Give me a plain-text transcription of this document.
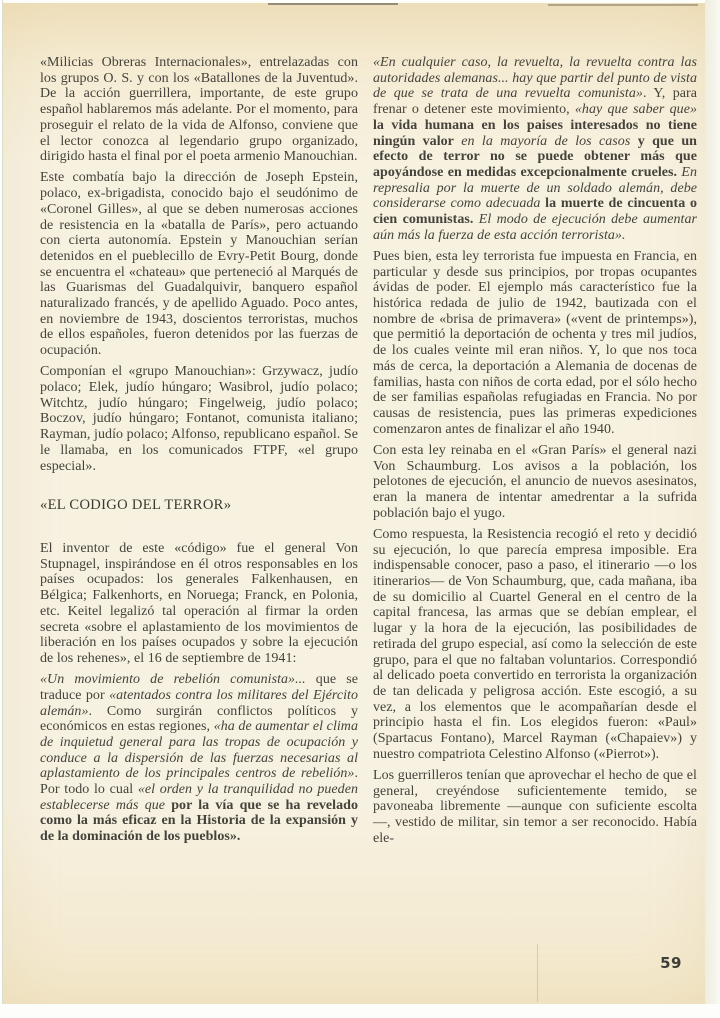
«Milicias Obreras Internacionales», entrelazadas con los grupos O. S. y con los «Batallones de la Juventud». De la acción guerrillera, importante, de este grupo español hablaremos más adelante. Por el momento, para proseguir el relato de la vida de Alfonso, conviene que el lector conozca al legendario grupo organizado, dirigido hasta el final por el poeta armenio Manouchian.

Este combatía bajo la dirección de Joseph Epstein, polaco, ex-brigadista, conocido bajo el seudónimo de «Coronel Gilles», al que se deben numerosas acciones de resistencia en la «batalla de París», pero actuando con cierta autonomía. Epstein y Manouchian serían detenidos en el pueblecillo de Evry-Petit Bourg, donde se encuentra el «chateau» que perteneció al Marqués de las Guarismas del Guadalquivir, banquero español naturalizado francés, y de apellido Aguado. Poco antes, en noviembre de 1943, doscientos terroristas, muchos de ellos españoles, fueron detenidos por las fuerzas de ocupación.

Componían el «grupo Manouchian»: Grzywacz, judío polaco; Elek, judío húngaro; Wasibrol, judío polaco; Witchtz, judío húngaro; Fingelweig, judío polaco; Boczov, judío húngaro; Fontanot, comunista italiano; Rayman, judío polaco; Alfonso, republicano español. Se le llamaba, en los comunicados FTPF, «el grupo especial».

«EL CODIGO DEL TERROR»

El inventor de este «código» fue el general Von Stupnagel, inspirándose en él otros responsables en los países ocupados: los generales Falkenhausen, en Bélgica; Falkenhorts, en Noruega; Franck, en Polonia, etc. Keitel legalizó tal operación al firmar la orden secreta «sobre el aplastamiento de los movimientos de liberación en los países ocupados y sobre la ejecución de los rehenes», el 16 de septiembre de 1941:

«Un movimiento de rebelión comunista»... que se traduce por «atentados contra los militares del Ejército alemán». Como surgirán conflictos políticos y económicos en estas regiones, «ha de aumentar el clima de inquietud general para las tropas de ocupación y conduce a la dispersión de las fuerzas necesarias al aplastamiento de los principales centros de rebelión». Por todo lo cual «el orden y la tranquilidad no pueden establecerse más que por la vía que se ha revelado como la más eficaz en la Historia de la expansión y de la dominación de los pueblos».

«En cualquier caso, la revuelta, la revuelta contra las autoridades alemanas... hay que partir del punto de vista de que se trata de una revuelta comunista». Y, para frenar o detener este movimiento, «hay que saber que» la vida humana en los paises interesados no tiene ningún valor en la mayoría de los casos y que un efecto de terror no se puede obtener más que apoyándose en medidas excepcionalmente crueles. En represalia por la muerte de un soldado alemán, debe considerarse como adecuada la muerte de cincuenta o cien comunistas. El modo de ejecución debe aumentar aún más la fuerza de esta acción terrorista».

Pues bien, esta ley terrorista fue impuesta en Francia, en particular y desde sus principios, por tropas ocupantes ávidas de poder. El ejemplo más característico fue la histórica redada de julio de 1942, bautizada con el nombre de «brisa de primavera» («vent de printemps»), que permitió la deportación de ochenta y tres mil judíos, de los cuales veinte mil eran niños. Y, lo que nos toca más de cerca, la deportación a Alemania de docenas de familias, hasta con niños de corta edad, por el sólo hecho de ser familias españolas refugiadas en Francia. No por causas de resistencia, pues las primeras expediciones comenzaron antes de finalizar el año 1940.

Con esta ley reinaba en el «Gran París» el general nazi Von Schaumburg. Los avisos a la población, los pelotones de ejecución, el anuncio de nuevos asesinatos, eran la manera de intentar amedrentar a la sufrida población bajo el yugo.

Como respuesta, la Resistencia recogió el reto y decidió su ejecución, lo que parecía empresa imposible. Era indispensable conocer, paso a paso, el itinerario —o los itinerarios— de Von Schaumburg, que, cada mañana, iba de su domicilio al Cuartel General en el centro de la capital francesa, las armas que se debían emplear, el lugar y la hora de la ejecución, las posibilidades de retirada del grupo especial, así como la selección de este grupo, para el que no faltaban voluntarios. Correspondió al delicado poeta convertido en terrorista la organización de tan delicada y peligrosa acción. Este escogió, a su vez, a los elementos que le acompañarían desde el principio hasta el fin. Los elegidos fueron: «Paul» (Spartacus Fontano), Marcel Rayman («Chapaiev») y nuestro compatriota Celestino Alfonso («Pierrot»).

Los guerrilleros tenían que aprovechar el hecho de que el general, creyéndose suficientemente temido, se pavoneaba libremente —aunque con suficiente escolta—, vestido de militar, sin temor a ser reconocido. Había ele-

59
